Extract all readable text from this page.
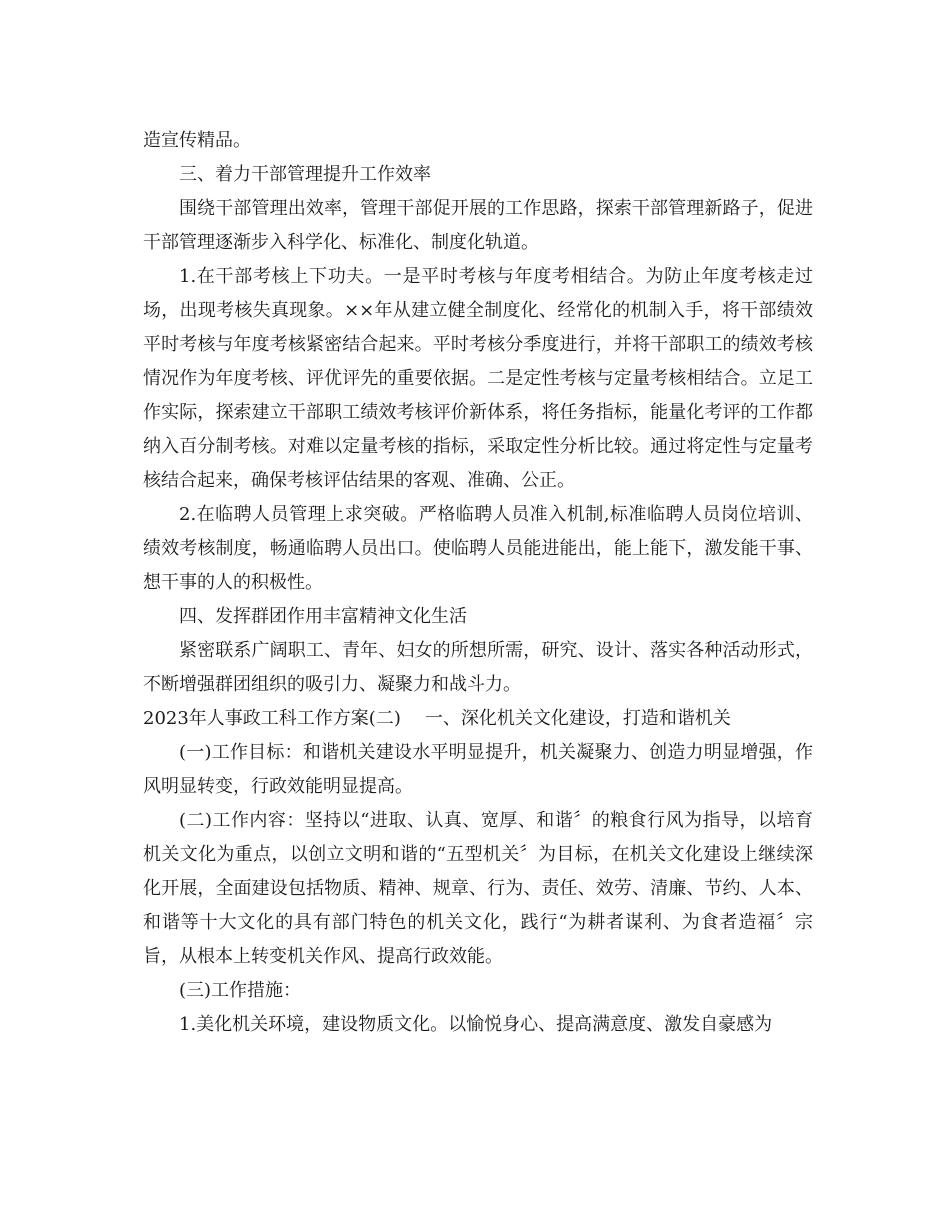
造宣传精品。

三、着力干部管理提升工作效率

围绕干部管理出效率，管理干部促开展的工作思路，探索干部管理新路子，促进干部管理逐渐步入科学化、标准化、制度化轨道。

1.在干部考核上下功夫。一是平时考核与年度考相结合。为防止年度考核走过场，出现考核失真现象。××年从建立健全制度化、经常化的机制入手，将干部绩效平时考核与年度考核紧密结合起来。平时考核分季度进行，并将干部职工的绩效考核情况作为年度考核、评优评先的重要依据。二是定性考核与定量考核相结合。立足工作实际，探索建立干部职工绩效考核评价新体系，将任务指标，能量化考评的工作都纳入百分制考核。对难以定量考核的指标，采取定性分析比较。通过将定性与定量考核结合起来，确保考核评估结果的客观、准确、公正。

2.在临聘人员管理上求突破。严格临聘人员准入机制,标准临聘人员岗位培训、绩效考核制度，畅通临聘人员出口。使临聘人员能进能出，能上能下，激发能干事、想干事的人的积极性。

四、发挥群团作用丰富精神文化生活

紧密联系广阔职工、青年、妇女的所想所需，研究、设计、落实各种活动形式，不断增强群团组织的吸引力、凝聚力和战斗力。

2023年人事政工科工作方案(二) 一、深化机关文化建设，打造和谐机关

(一)工作目标：和谐机关建设水平明显提升，机关凝聚力、创造力明显增强，作风明显转变，行政效能明显提高。

(二)工作内容：坚持以“进取、认真、宽厚、和谐〞的粮食行风为指导，以培育机关文化为重点，以创立文明和谐的“五型机关〞为目标，在机关文化建设上继续深化开展，全面建设包括物质、精神、规章、行为、责任、效劳、清廉、节约、人本、和谐等十大文化的具有部门特色的机关文化，践行“为耕者谋利、为食者造福〞宗旨，从根本上转变机关作风、提高行政效能。

(三)工作措施：

1.美化机关环境，建设物质文化。以愉悦身心、提高满意度、激发自豪感为
